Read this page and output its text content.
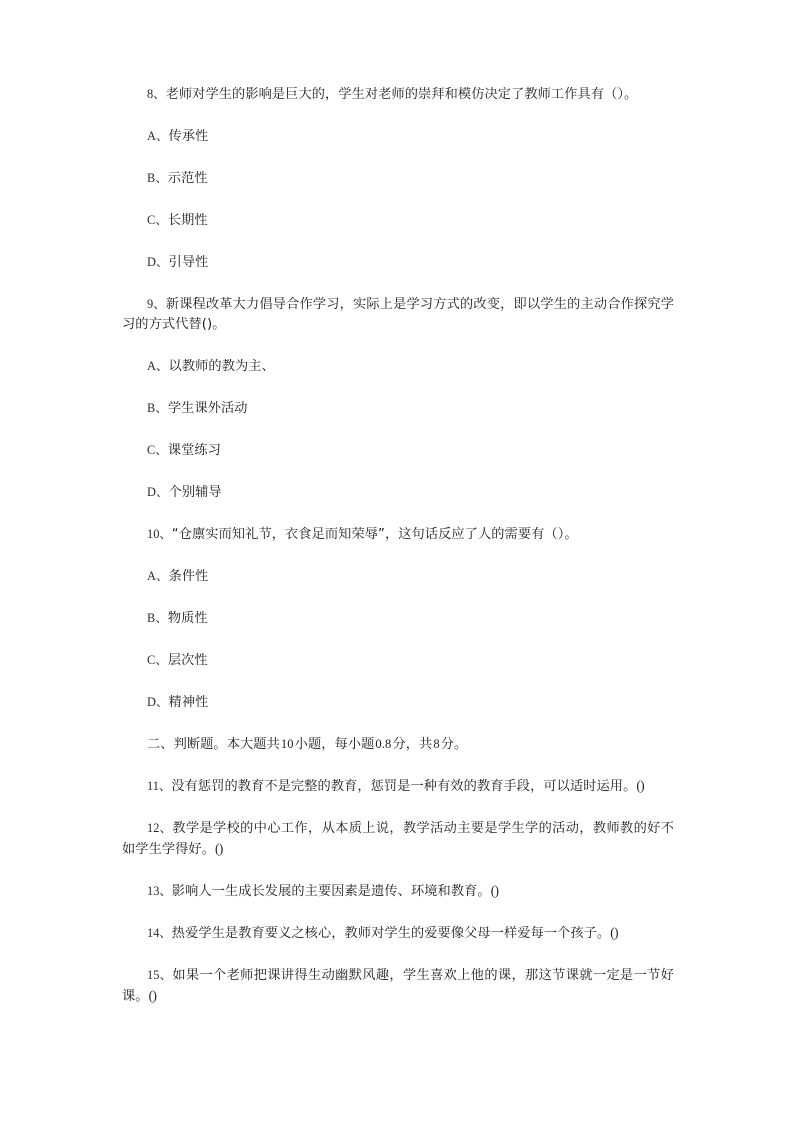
8、老师对学生的影响是巨大的，学生对老师的崇拜和模仿决定了教师工作具有（）。

A、传承性

B、示范性

C、长期性

D、引导性

9、新课程改革大力倡导合作学习，实际上是学习方式的改变，即以学生的主动合作探究学习的方式代替()。

A、以教师的教为主、

B、学生课外活动

C、课堂练习

D、个别辅导

10、“仓廪实而知礼节，衣食足而知荣辱”，这句话反应了人的需要有（）。

A、条件性

B、物质性

C、层次性

D、精神性

二、判断题。本大题共10小题，每小题0.8分，共8分。

11、没有惩罚的教育不是完整的教育，惩罚是一种有效的教育手段，可以适时运用。()

12、教学是学校的中心工作，从本质上说，教学活动主要是学生学的活动，教师教的好不如学生学得好。()

13、影响人一生成长发展的主要因素是遗传、环境和教育。()

14、热爱学生是教育要义之核心，教师对学生的爱要像父母一样爱每一个孩子。()

15、如果一个老师把课讲得生动幽默风趣，学生喜欢上他的课，那这节课就一定是一节好课。()
